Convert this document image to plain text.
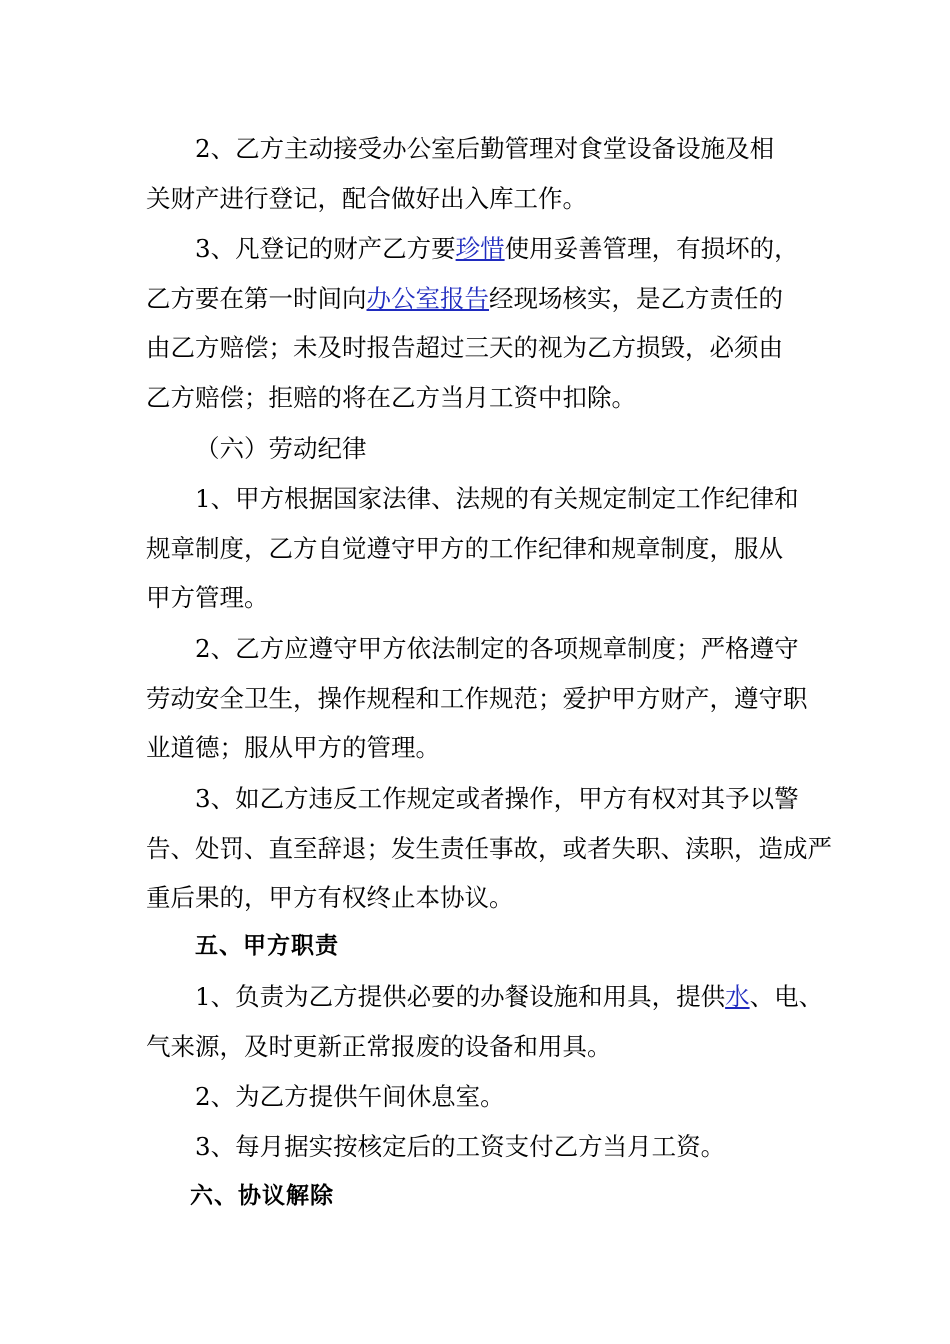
2、乙方主动接受办公室后勤管理对食堂设备设施及相
关财产进行登记，配合做好出入库工作。

3、凡登记的财产乙方要珍惜使用妥善管理，有损坏的，
乙方要在第一时间向办公室报告经现场核实，是乙方责任的
由乙方赔偿；未及时报告超过三天的视为乙方损毁，必须由
乙方赔偿；拒赔的将在乙方当月工资中扣除。

（六）劳动纪律

1、甲方根据国家法律、法规的有关规定制定工作纪律和
规章制度，乙方自觉遵守甲方的工作纪律和规章制度，服从
甲方管理。

2、乙方应遵守甲方依法制定的各项规章制度；严格遵守
劳动安全卫生，操作规程和工作规范；爱护甲方财产，遵守职
业道德；服从甲方的管理。

3、如乙方违反工作规定或者操作，甲方有权对其予以警
告、处罚、直至辞退；发生责任事故，或者失职、渎职，造成严
重后果的，甲方有权终止本协议。

五、甲方职责

1、负责为乙方提供必要的办餐设施和用具，提供水、电、
气来源，及时更新正常报废的设备和用具。

2、为乙方提供午间休息室。

3、每月据实按核定后的工资支付乙方当月工资。

六、协议解除
